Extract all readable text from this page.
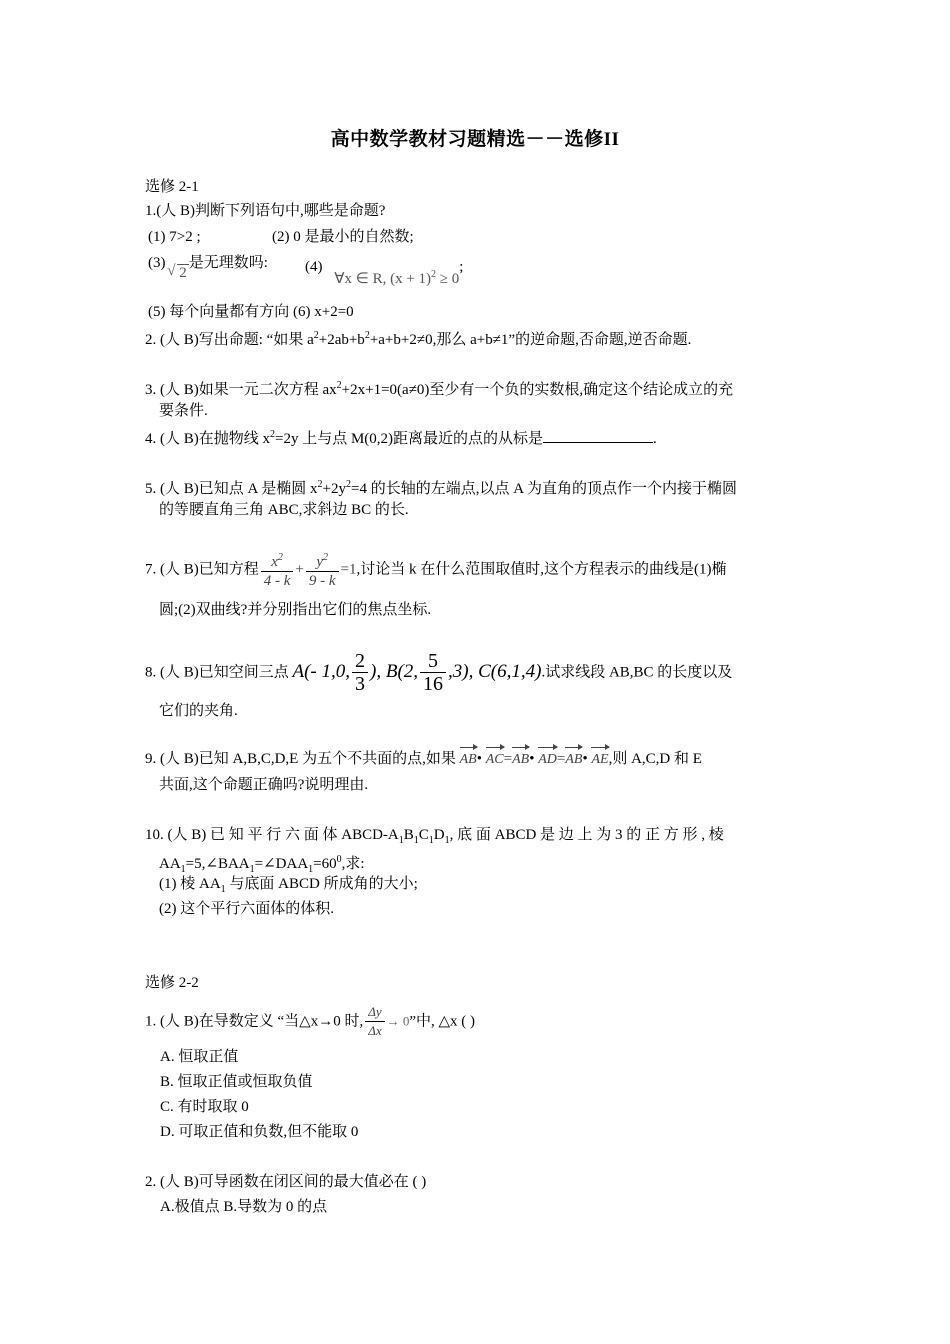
高中数学教材习题精选－－选修II
选修 2-1
1.(人 B)判断下列语句中,哪些是命题?
(1) 7>2 ;	(2) 0 是最小的自然数;
(3) √ 2是无理数吗: (4) ∀x ∈ R, $(x + 1)^2 \ge 0$;
(5) 每个向量都有方向 (6) x+2=0
2. (人 B)写出命题: “如果 $a^2+2ab+b^2+a+b+2\ne 0$,那么 a+b≠1”的逆命题,否命题,逆否命题.
3. (人 B)如果一元二次方程 $ax^2+2x+1=0(a\ne 0)$至少有一个负的实数根,确定这个结论成立的充
要条件.
4. (人 B)在抛物线 $x^2=2y$ 上与点 M(0,2)距离最近的点的从标是	.
5. (人 B)已知点 A 是椭圆 $x^2+2y^2=4$ 的长轴的左端点,以点 A 为直角的顶点作一个内接于椭圆
的等腰直角三角 ABC,求斜边 BC 的长.
7. (人 B)已知方程 $\frac{x^2}{4 - k} + \frac{y^2}{9 - k} =1$,讨论当 k 在什么范围取值时,这个方程表示的曲线是(1)椭
圆;(2)双曲线?并分别指出它们的焦点坐标.
8. (人 B)已知空间三点 A(- 1,0, $\frac{2}{3}$ ), B(2, $\frac{5}{16} ,3$), C(6,1,4).试求线段 AB,BC 的长度以及
它们的夹角.
9. (人 B)已知 A,B,C,D,E 为五个不共面的点,如果 AB• AC=AB• AD=AB• AE,则 A,C,D 和 E
共面,这个命题正确吗?说明理由.
10. (人 B) 已 知 平 行 六 面 体 ABCD-$A_1B_1C_1D_1$, 底 面 ABCD 是 边 上 为 3 的 正 方 形 , 棱
$AA_1=5,\angle BAA_1=\angle DAA_1=60^0$,求:
(1) 棱 $AA_1$ 与底面 ABCD 所成角的大小;
(2) 这个平行六面体的体积.
选修 2-2
1. (人 B)在导数定义 “当△x→0 时, $\frac{\Delta y}{\Delta x} \to 0$”中, △x ( )
A. 恒取正值
B. 恒取正值或恒取负值
C. 有时取取 0
D. 可取正值和负数,但不能取 0
2. (人 B)可导函数在闭区间的最大值必在 ( )
A.极值点 B.导数为 0 的点
